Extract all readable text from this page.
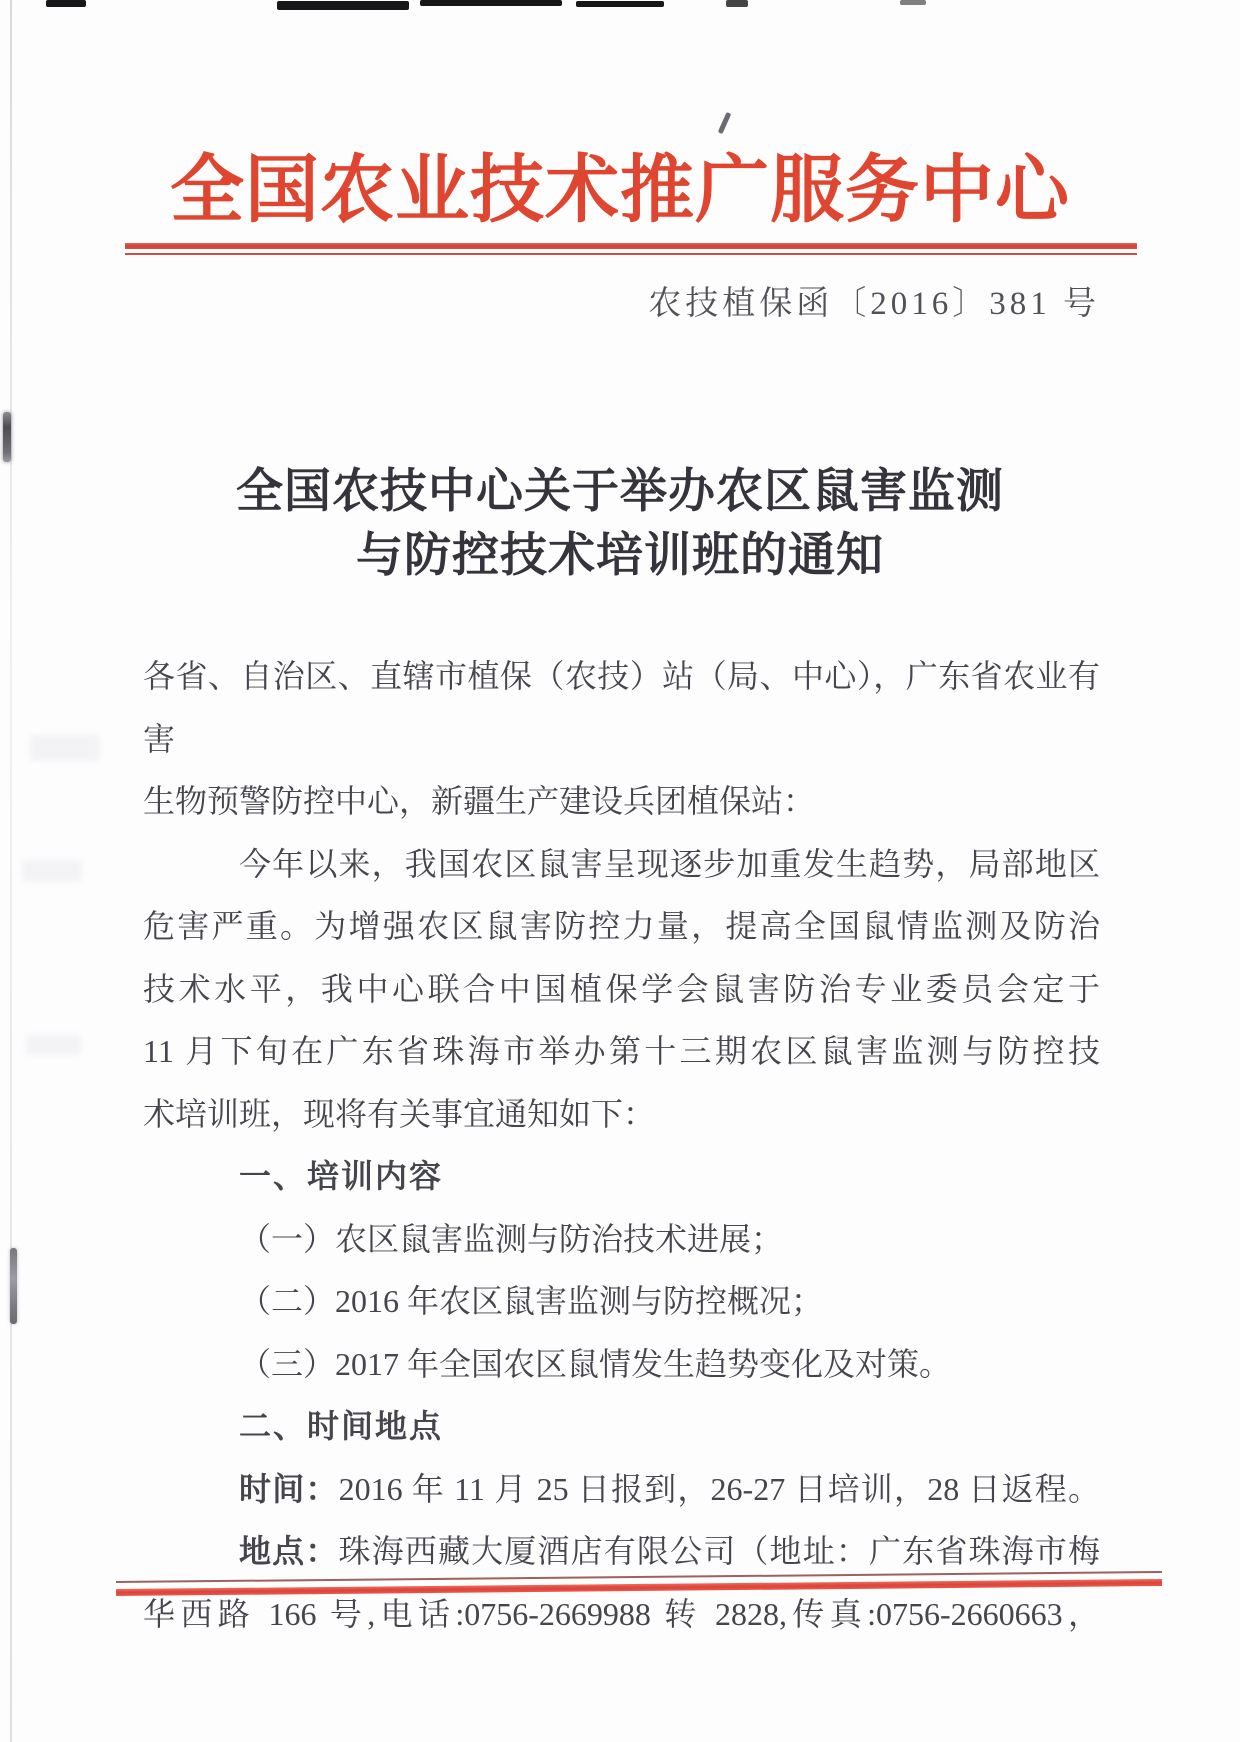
全国农业技术推广服务中心
农技植保函〔2016〕381 号
全国农技中心关于举办农区鼠害监测
与防控技术培训班的通知
各省、自治区、直辖市植保（农技）站（局、中心），广东省农业有害
生物预警防控中心，新疆生产建设兵团植保站：
今年以来，我国农区鼠害呈现逐步加重发生趋势，局部地区
危害严重。为增强农区鼠害防控力量，提高全国鼠情监测及防治
技术水平，我中心联合中国植保学会鼠害防治专业委员会定于
11 月下旬在广东省珠海市举办第十三期农区鼠害监测与防控技
术培训班，现将有关事宜通知如下：
一、培训内容
（一）农区鼠害监测与防治技术进展；
（二）2016 年农区鼠害监测与防控概况；
（三）2017 年全国农区鼠情发生趋势变化及对策。
二、时间地点
时间：2016 年 11 月 25 日报到，26-27 日培训，28 日返程。
地点：珠海西藏大厦酒店有限公司（地址：广东省珠海市梅
华西路 166 号,电话:0756-2669988 转 2828,传真:0756-2660663，
